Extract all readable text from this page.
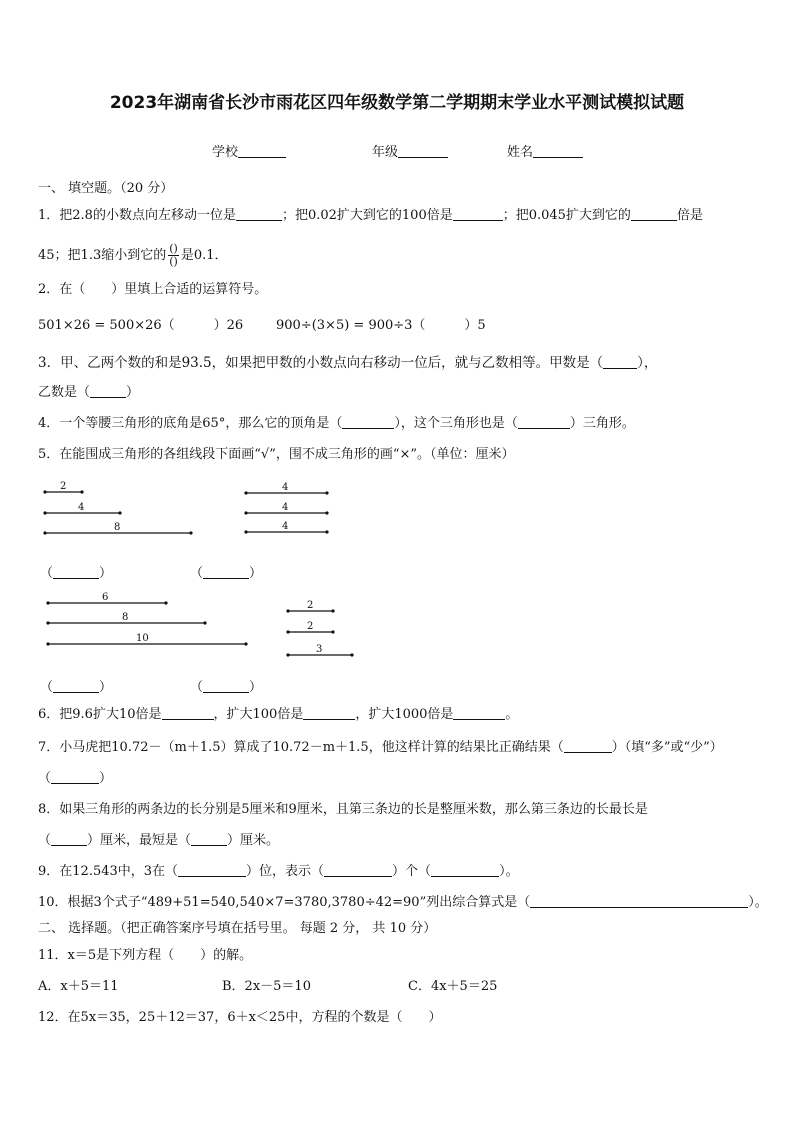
2023年湖南省长沙市雨花区四年级数学第二学期期末学业水平测试模拟试题
学校	年级	姓名
一、 填空题。（20 分）
1．把2.8的小数点向左移动一位是	；把0.02扩大到它的100倍是	；把0.045扩大到它的	倍是
45；把1.3缩小到它的 $\frac{()}{()}$ 是0.1．
2．在（　　）里填上合适的运算符号。
501×26 = 500×26（　　　）26	900÷(3×5) = 900÷3（　　　）5
3．甲、乙两个数的和是93.5，如果把甲数的小数点向右移动一位后，就与乙数相等。甲数是（	），
乙数是（	）
4．一个等腰三角形的底角是65°，那么它的顶角是（	），这个三角形也是（	）三角形。
5．在能围成三角形的各组线段下面画“√”，围不成三角形的画“×”。（单位：厘米）
2
4
8
4
4
4
（	）	（	）
6
8
10
2
2
3
（	）	（	）
6．把9.6扩大10倍是	，扩大100倍是	，扩大1000倍是	。
7．小马虎把10.72－（m＋1.5）算成了10.72－m＋1.5，他这样计算的结果比正确结果（	）（填“多”或“少”）
（	）
8．如果三角形的两条边的长分别是5厘米和9厘米，且第三条边的长是整厘米数，那么第三条边的长最长是
（	）厘米，最短是（	）厘米。
9．在12.543中，3在（	）位，表示（	）个（	）。
10．根据3个式子“489+51=540,540×7=3780,3780÷42=90”列出综合算式是（	）。
二、 选择题。（把正确答案序号填在括号里。 每题 2 分， 共 10 分）
11．x＝5是下列方程（　　）的解。
A．x＋5＝11	B．2x－5＝10	C．4x＋5＝25
12．在5x＝35，25＋12＝37，6＋x＜25中，方程的个数是（　　）
